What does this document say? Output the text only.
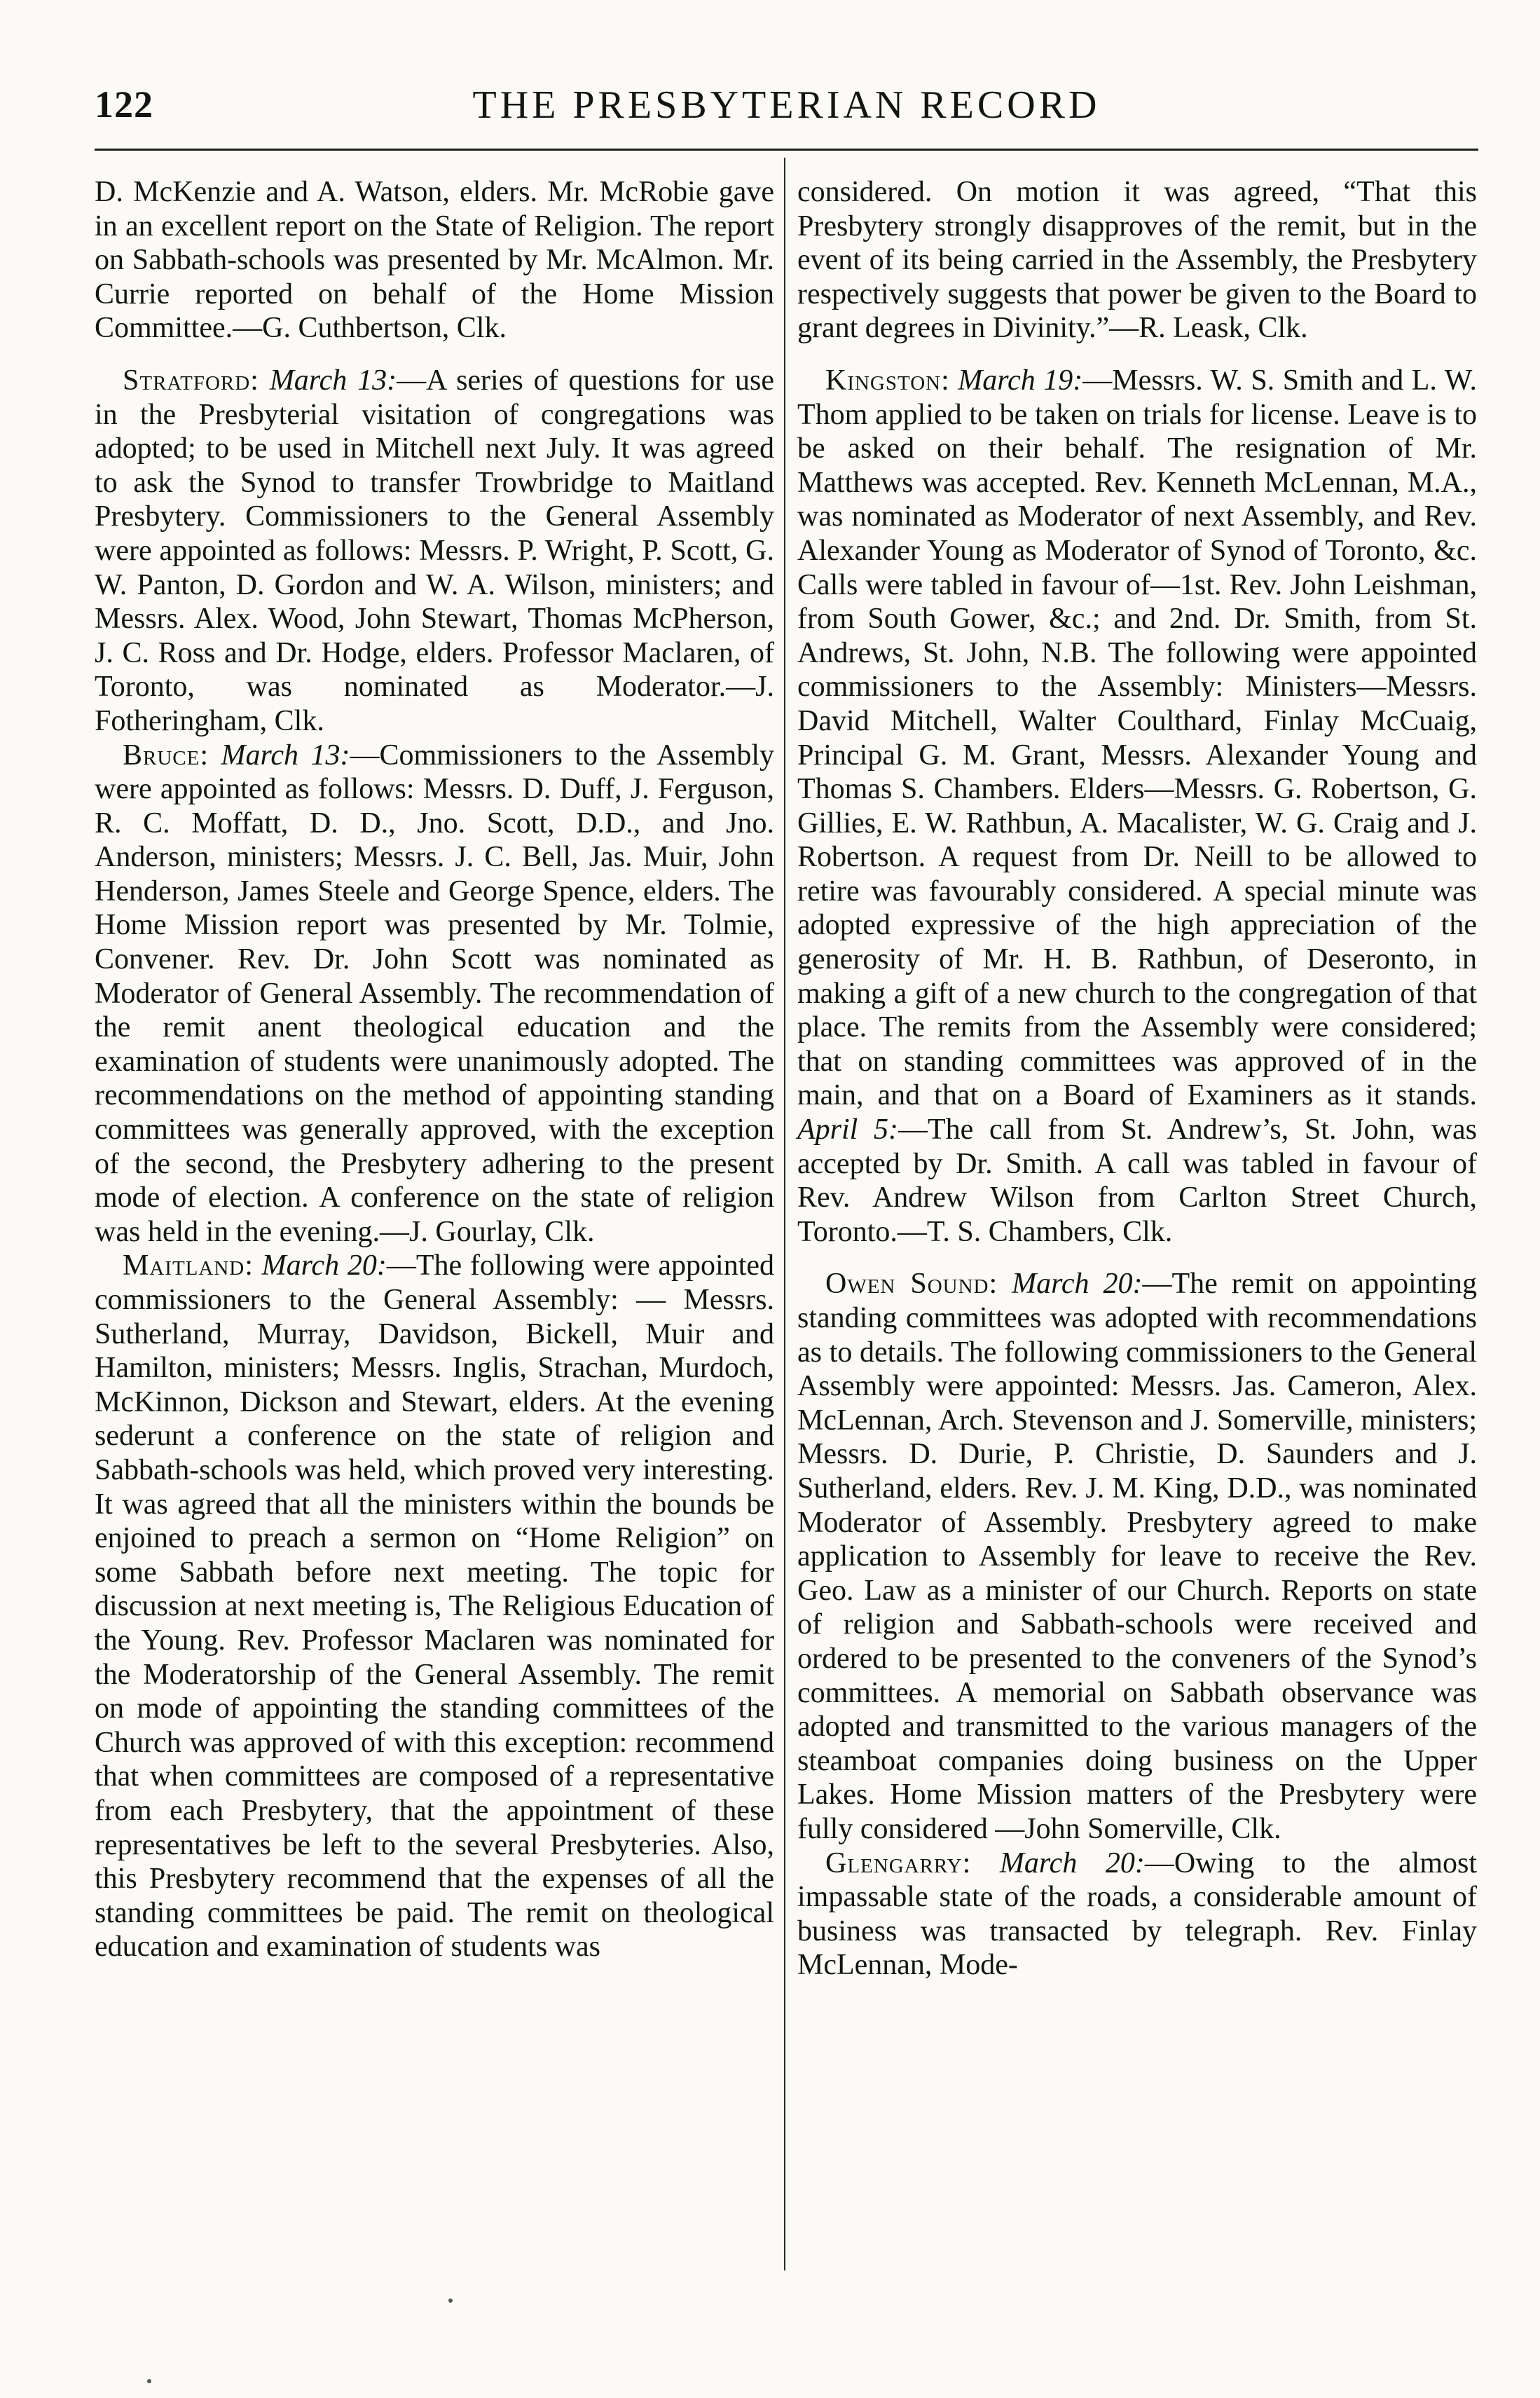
122	THE PRESBYTERIAN RECORD

D. McKenzie and A. Watson, elders. Mr. McRobie gave in an excellent report on the State of Religion. The report on Sabbath-schools was presented by Mr. McAlmon. Mr. Currie reported on behalf of the Home Mission Committee.—G. Cuthbertson, Clk.

Stratford: March 13:—A series of questions for use in the Presbyterial visitation of congregations was adopted; to be used in Mitchell next July. It was agreed to ask the Synod to transfer Trowbridge to Maitland Presbytery. Commissioners to the General Assembly were appointed as follows: Messrs. P. Wright, P. Scott, G. W. Panton, D. Gordon and W. A. Wilson, ministers; and Messrs. Alex. Wood, John Stewart, Thomas McPherson, J. C. Ross and Dr. Hodge, elders. Professor Maclaren, of Toronto, was nominated as Moderator.—J. Fotheringham, Clk.

Bruce: March 13:—Commissioners to the Assembly were appointed as follows: Messrs. D. Duff, J. Ferguson, R. C. Moffatt, D. D., Jno. Scott, D.D., and Jno. Anderson, ministers; Messrs. J. C. Bell, Jas. Muir, John Henderson, James Steele and George Spence, elders. The Home Mission report was presented by Mr. Tolmie, Convener. Rev. Dr. John Scott was nominated as Moderator of General Assembly. The recommendation of the remit anent theological education and the examination of students were unanimously adopted. The recommendations on the method of appointing standing committees was generally approved, with the exception of the second, the Presbytery adhering to the present mode of election. A conference on the state of religion was held in the evening.—J. Gourlay, Clk.

Maitland: March 20:—The following were appointed commissioners to the General Assembly: — Messrs. Sutherland, Murray, Davidson, Bickell, Muir and Hamilton, ministers; Messrs. Inglis, Strachan, Murdoch, McKinnon, Dickson and Stewart, elders. At the evening sederunt a conference on the state of religion and Sabbath-schools was held, which proved very interesting. It was agreed that all the ministers within the bounds be enjoined to preach a sermon on “Home Religion” on some Sabbath before next meeting. The topic for discussion at next meeting is, The Religious Education of the Young. Rev. Professor Maclaren was nominated for the Moderatorship of the General Assembly. The remit on mode of appointing the standing committees of the Church was approved of with this exception: recommend that when committees are composed of a representative from each Presbytery, that the appointment of these representatives be left to the several Presbyteries. Also, this Presbytery recommend that the expenses of all the standing committees be paid. The remit on theological education and examination of students was

considered. On motion it was agreed, “That this Presbytery strongly disapproves of the remit, but in the event of its being carried in the Assembly, the Presbytery respectively suggests that power be given to the Board to grant degrees in Divinity.”—R. Leask, Clk.

Kingston: March 19:—Messrs. W. S. Smith and L. W. Thom applied to be taken on trials for license. Leave is to be asked on their behalf. The resignation of Mr. Matthews was accepted. Rev. Kenneth McLennan, M.A., was nominated as Moderator of next Assembly, and Rev. Alexander Young as Moderator of Synod of Toronto, &c. Calls were tabled in favour of—1st. Rev. John Leishman, from South Gower, &c.; and 2nd. Dr. Smith, from St. Andrews, St. John, N.B. The following were appointed commissioners to the Assembly: Ministers—Messrs. David Mitchell, Walter Coulthard, Finlay McCuaig, Principal G. M. Grant, Messrs. Alexander Young and Thomas S. Chambers. Elders—Messrs. G. Robertson, G. Gillies, E. W. Rathbun, A. Macalister, W. G. Craig and J. Robertson. A request from Dr. Neill to be allowed to retire was favourably considered. A special minute was adopted expressive of the high appreciation of the generosity of Mr. H. B. Rathbun, of Deseronto, in making a gift of a new church to the congregation of that place. The remits from the Assembly were considered; that on standing committees was approved of in the main, and that on a Board of Examiners as it stands. April 5:—The call from St. Andrew’s, St. John, was accepted by Dr. Smith. A call was tabled in favour of Rev. Andrew Wilson from Carlton Street Church, Toronto.—T. S. Chambers, Clk.

Owen Sound: March 20:—The remit on appointing standing committees was adopted with recommendations as to details. The following commissioners to the General Assembly were appointed: Messrs. Jas. Cameron, Alex. McLennan, Arch. Stevenson and J. Somerville, ministers; Messrs. D. Durie, P. Christie, D. Saunders and J. Sutherland, elders. Rev. J. M. King, D.D., was nominated Moderator of Assembly. Presbytery agreed to make application to Assembly for leave to receive the Rev. Geo. Law as a minister of our Church. Reports on state of religion and Sabbath-schools were received and ordered to be presented to the conveners of the Synod’s committees. A memorial on Sabbath observance was adopted and transmitted to the various managers of the steamboat companies doing business on the Upper Lakes. Home Mission matters of the Presbytery were fully considered —John Somerville, Clk.

Glengarry: March 20:—Owing to the almost impassable state of the roads, a considerable amount of business was transacted by telegraph. Rev. Finlay McLennan, Mode-
